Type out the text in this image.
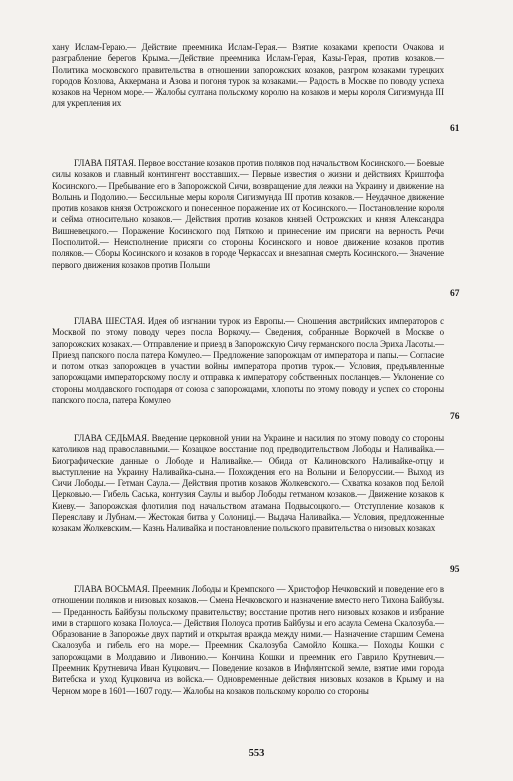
хану Ислам-Гераю.— Действие преемника Ислам-Герая.— Взятие козаками крепости Очакова и разграбление берегов Крыма.—Действие преемника Ислам-Герая, Казы-Герая, против козаков.— Политика московского правительства в отношении запорожских козаков, разгром козаками турецких городов Козлова, Аккермана и Азова и погоня турок за козаками.— Радость в Москве по поводу успеха козаков на Черном море.— Жалобы султана польскому королю на козаков и меры короля Сигизмунда III для укрепления их

61

ГЛАВА ПЯТАЯ. Первое восстание козаков против поляков под начальством Косинского.— Боевые силы козаков и главный контингент восставших.— Первые известия о жизни и действиях Криштофа Косинского.— Пребывание его в Запорожской Сичи, возвращение для лежки на Украину и движение на Волынь и Подолию.— Бессильные меры короля Сигизмунда III против козаков.— Неудачное движение против козаков князя Острожского и понесенное поражение их от Косинского.— Постановление короля и сейма относительно козаков.— Действия против козаков князей Острожских и князя Александра Вишневецкого.— Поражение Косинского под Пяткою и принесение им присяги на верность Речи Посполитой.— Неисполнение присяги со стороны Косинского и новое движение козаков против поляков.— Сборы Косинского и козаков в городе Черкассах и внезапная смерть Косинского.— Значение первого движения козаков против Польши

67

ГЛАВА ШЕСТАЯ. Идея об изгнании турок из Европы.— Сношения австрийских императоров с Москвой по этому поводу через посла Воркочу.— Сведения, собранные Воркочей в Москве о запорожских козаках.— Отправление и приезд в Запорожскую Сичу германского посла Эриха Ласоты.— Приезд папского посла патера Комулео.— Предложение запорожцам от императора и папы.— Согласие и потом отказ запорожцев в участии войны императора против турок.— Условия, предъявленные запорожцами императорскому послу и отправка к императору собственных посланцев.— Уклонение со стороны молдавского господаря от союза с запорожцами, хлопоты по этому поводу и успех со стороны папского посла, патера Комулео

76

ГЛАВА СЕДЬМАЯ. Введение церковной унии на Украине и насилия по этому поводу со стороны католиков над православными.— Козацкое восстание под предводительством Лободы и Наливайка.— Биографические данные о Лободе и Наливайке.— Обида от Калиновского Наливайке-отцу и выступление на Украину Наливайка-сына.— Похождения его на Волыни и Белоруссии.— Выход из Сичи Лободы.— Гетман Саула.— Действия против козаков Жолкевского.— Схватка козаков под Белой Церковью.— Гибель Саська, контузия Саулы и выбор Лободы гетманом козаков.— Движение козаков к Киеву.— Запорожская флотилия под начальством атамана Подвысоцкого.— Отступление козаков к Переяславу и Лубнам.— Жестокая битва у Солониці.— Выдача Наливайка.— Условия, предложенные козакам Жолкевским.— Казнь Наливайка и постановление польского правительства о низовых козаках

95

ГЛАВА ВОСЬМАЯ. Преемник Лободы и Кремпского — Христофор Нечковский и поведение его в отношении поляков и низовых козаков.— Смена Нечковского и назначение вместо него Тихона Байбузы.— Преданность Байбузы польскому правительству; восстание против него низовых козаков и избрание ими в старшого козака Полоуса.— Действия Полоуса против Байбузы и его асаула Семена Скалозуба.— Образование в Запорожье двух партий и открытая вражда между ними.— Назначение старшим Семена Скалозуба и гибель его на море.— Преемник Скалозуба Самойло Кошка.— Походы Кошки с запорожцами в Молдавию и Ливонию.— Кончина Кошки и преемник его Гаврило Крутневич.— Преемник Крутневича Иван Куцкович.— Поведение козаков в Инфлянтской земле, взятие ими города Витебска и уход Куцковича из войска.— Одновременные действия низовых козаков в Крыму и на Черном море в 1601—1607 году.— Жалобы на козаков польскому королю со стороны

553
